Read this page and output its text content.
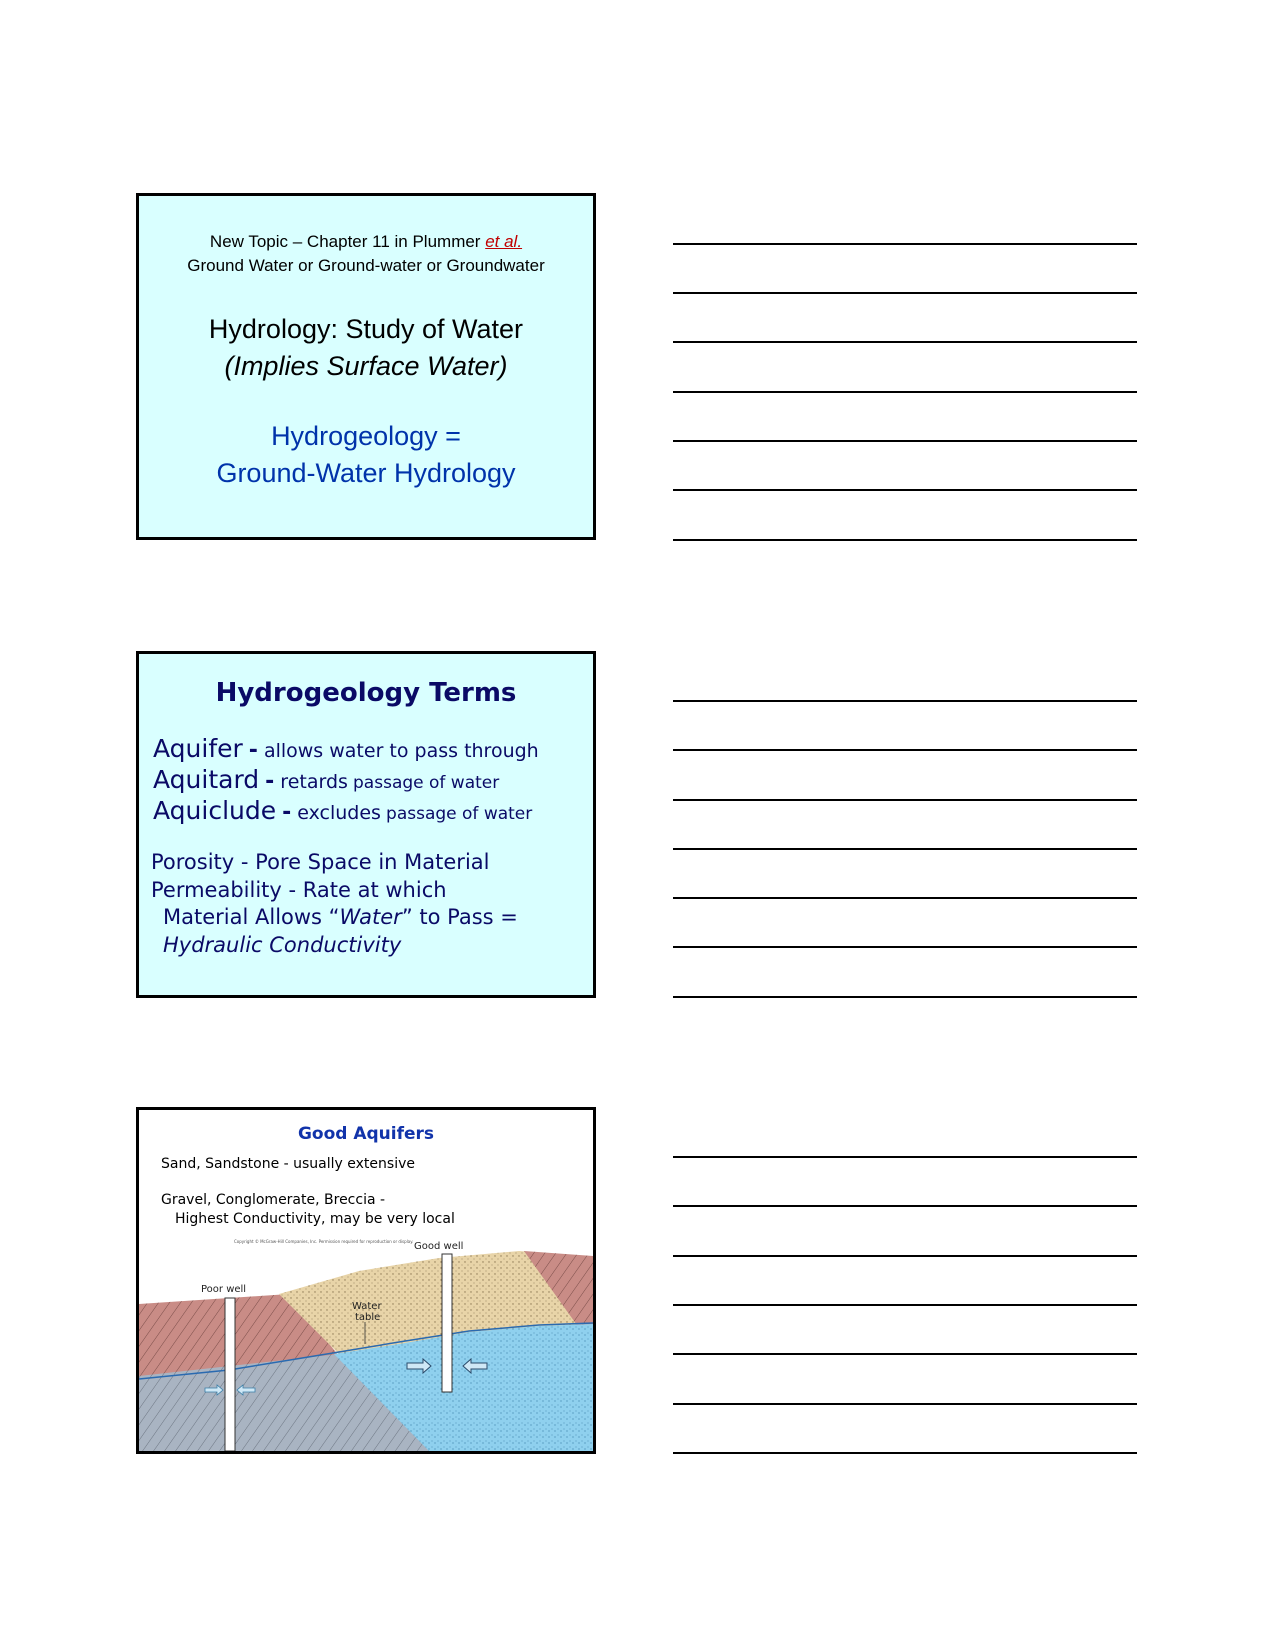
New Topic – Chapter 11 in Plummer et al.
Ground Water or Ground-water or Groundwater
Hydrology: Study of Water
(Implies Surface Water)
Hydrogeology =
Ground-Water Hydrology
Hydrogeology Terms
Aquifer - allows water to pass through
Aquitard - retards passage of water
Aquiclude - excludes passage of water
Porosity - Pore Space in Material
Permeability - Rate at which
Material Allows “Water” to Pass =
Hydraulic Conductivity
Good Aquifers
Sand, Sandstone - usually extensive
Gravel, Conglomerate, Breccia -
Highest Conductivity, may be very local
Copyright © McGraw-Hill Companies, Inc. Permission required for reproduction or display.
Poor well
Good well
Water
table
